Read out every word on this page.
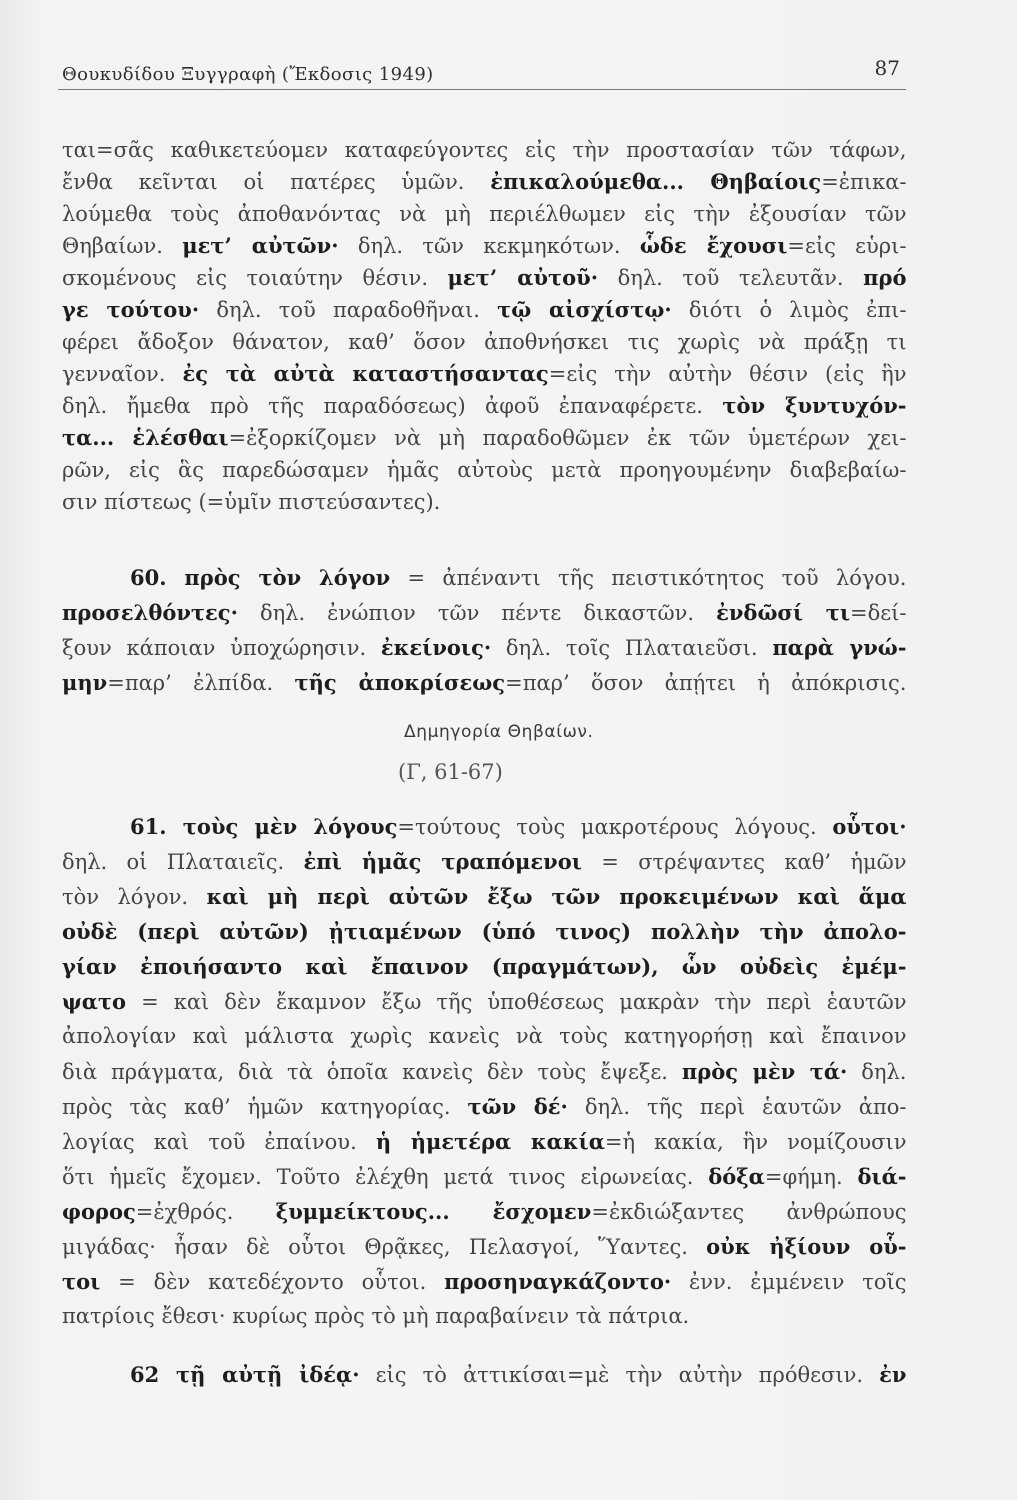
Θουκυδίδου Ξυγγραφὴ (Ἔκδοσις 1949)	87
ται=σᾶς καθικετεύομεν καταφεύγοντες εἰς τὴν προστασίαν τῶν τάφων,
ἔνθα κεῖνται οἱ πατέρες ὑμῶν. ἐπικαλούμεθα... Θηβαίοις=ἐπικα-
λούμεθα τοὺς ἀποθανόντας νὰ μὴ περιέλθωμεν εἰς τὴν ἐξουσίαν τῶν
Θηβαίων. μετ’ αὐτῶν· δηλ. τῶν κεκμηκότων. ὧδε ἔχουσι=εἰς εὑρι-
σκομένους εἰς τοιαύτην θέσιν. μετ’ αὐτοῦ· δηλ. τοῦ τελευτᾶν. πρό
γε τούτου· δηλ. τοῦ παραδοθῆναι. τῷ αἰσχίστῳ· διότι ὁ λιμὸς ἐπι-
φέρει ἄδοξον θάνατον, καθ’ ὅσον ἀποθνήσκει τις χωρὶς νὰ πράξῃ τι
γενναῖον. ἐς τὰ αὐτὰ καταστήσαντας=εἰς τὴν αὐτὴν θέσιν (εἰς ἣν
δηλ. ἤμεθα πρὸ τῆς παραδόσεως) ἀφοῦ ἐπαναφέρετε. τὸν ξυντυχόν-
τα... ἑλέσθαι=ἐξορκίζομεν νὰ μὴ παραδοθῶμεν ἐκ τῶν ὑμετέρων χει-
ρῶν, εἰς ἃς παρεδώσαμεν ἡμᾶς αὐτοὺς μετὰ προηγουμένην διαβεβαίω-
σιν πίστεως (=ὑμῖν πιστεύσαντες).
60. πρὸς τὸν λόγον = ἀπέναντι τῆς πειστικότητος τοῦ λόγου.
προσελθόντες· δηλ. ἐνώπιον τῶν πέντε δικαστῶν. ἐνδῶσί τι=δεί-
ξουν κάποιαν ὑποχώρησιν. ἐκείνοις· δηλ. τοῖς Πλαταιεῦσι. παρὰ γνώ-
μην=παρ’ ἐλπίδα. τῆς ἀποκρίσεως=παρ’ ὅσον ἀπῄτει ἡ ἀπόκρισις.
Δημηγορία Θηβαίων.
(Γ, 61-67)
61. τοὺς μὲν λόγους=τούτους τοὺς μακροτέρους λόγους. οὗτοι·
δηλ. οἱ Πλαταιεῖς. ἐπὶ ἡμᾶς τραπόμενοι = στρέψαντες καθ’ ἡμῶν
τὸν λόγον. καὶ μὴ περὶ αὐτῶν ἔξω τῶν προκειμένων καὶ ἅμα
οὐδὲ (περὶ αὐτῶν) ᾐτιαμένων (ὑπό τινος) πολλὴν τὴν ἀπολο-
γίαν ἐποιήσαντο καὶ ἔπαινον (πραγμάτων), ὧν οὐδεὶς ἐμέμ-
ψατο = καὶ δὲν ἔκαμνον ἔξω τῆς ὑποθέσεως μακρὰν τὴν περὶ ἑαυτῶν
ἀπολογίαν καὶ μάλιστα χωρὶς κανεὶς νὰ τοὺς κατηγορήσῃ καὶ ἔπαινον
διὰ πράγματα, διὰ τὰ ὁποῖα κανεὶς δὲν τοὺς ἔψεξε. πρὸς μὲν τά· δηλ.
πρὸς τὰς καθ’ ἡμῶν κατηγορίας. τῶν δέ· δηλ. τῆς περὶ ἑαυτῶν ἀπο-
λογίας καὶ τοῦ ἐπαίνου. ἡ ἡμετέρα κακία=ἡ κακία, ἣν νομίζουσιν
ὅτι ἡμεῖς ἔχομεν. Τοῦτο ἐλέχθη μετά τινος εἰρωνείας. δόξα=φήμη. διά-
φορος=ἐχθρός. ξυμμείκτους... ἔσχομεν=ἐκδιώξαντες ἀνθρώπους
μιγάδας· ἦσαν δὲ οὗτοι Θρᾷκες, Πελασγοί, Ὕαντες. οὐκ ἠξίουν οὗ-
τοι = δὲν κατεδέχοντο οὗτοι. προσηναγκάζοντο· ἐνν. ἐμμένειν τοῖς
πατρίοις ἔθεσι· κυρίως πρὸς τὸ μὴ παραβαίνειν τὰ πάτρια.
62 τῇ αὐτῇ ἰδέᾳ· εἰς τὸ ἀττικίσαι=μὲ τὴν αὐτὴν πρόθεσιν. ἐν
